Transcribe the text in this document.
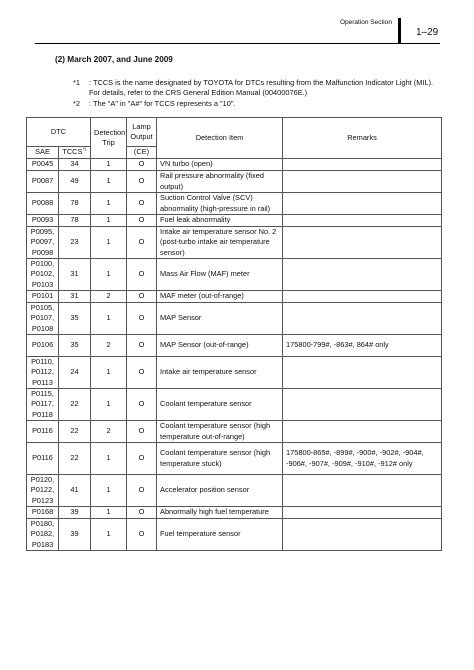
Operation Section
1–29
(2) March 2007, and June 2009
*1 : TCCS is the name designated by TOYOTA for DTCs resulting from the Malfunction Indicator Light (MIL). For details, refer to the CRS General Edition Manual (00400076E.)
*2 : The "A" in "A#" for TCCS represents a "10".
DTC		Detection Trip	Lamp Output	Detection Item	Remarks
SAE	TCCS$^{*1}$		(CE)		
P0045	34	1	O	VN turbo (open)	
P0087	49	1	O	Rail pressure abnormality (fixed output)	
P0088	78	1	O	Suction Control Valve (SCV) abnormality (high-pressure in rail)	
P0093	78	1	O	Fuel leak abnormality	
P0095, P0097, P0098	23	1	O	Intake air temperature sensor No. 2 (post-turbo intake air temperature sensor)	
P0100, P0102, P0103	31	1	O	Mass Air Flow (MAF) meter	
P0101	31	2	O	MAF meter (out-of-range)	
P0105, P0107, P0108	35	1	O	MAP Sensor	
P0106	35	2	O	MAP Sensor (out-of-range)	175800-799#, -863#, 864# only
P0110, P0112, P0113	24	1	O	Intake air temperature sensor	
P0115, P0117, P0118	22	1	O	Coolant temperature sensor	
P0116	22	2	O	Coolant temperature sensor (high temperature out-of-range)	
P0116	22	1	O	Coolant temperature sensor (high temperature stuck)	175800-865#, -899#, -900#, -902#, -904#, -906#, -907#, -909#, -910#, -912# only
P0120, P0122, P0123	41	1	O	Accelerator position sensor	
P0168	39	1	O	Abnormally high fuel temperature	
P0180, P0182, P0183	39	1	O	Fuel temperature sensor	
